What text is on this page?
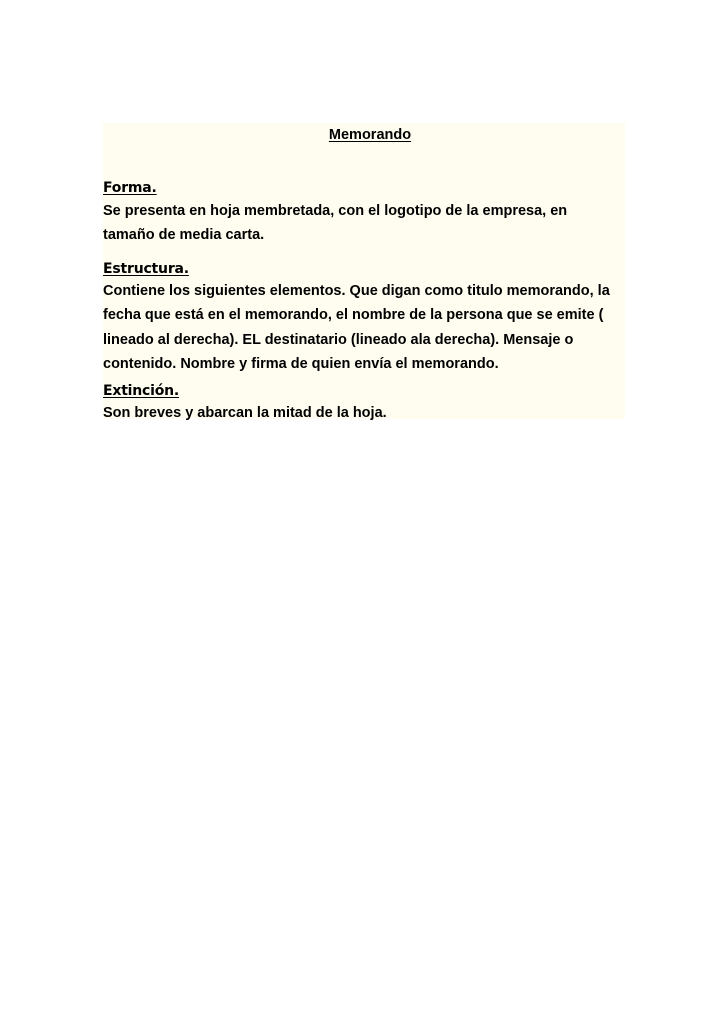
Memorando
Forma.
Se presenta en hoja membretada, con el logotipo de la empresa, en
tamaño de media carta.
Estructura.
Contiene los siguientes elementos. Que digan como titulo memorando, la
fecha que está en el memorando, el nombre de la persona que se emite (
lineado al derecha). EL destinatario (lineado ala derecha). Mensaje o
contenido. Nombre y firma de quien envía el memorando.
Extinción.
Son breves y abarcan la mitad de la hoja.
